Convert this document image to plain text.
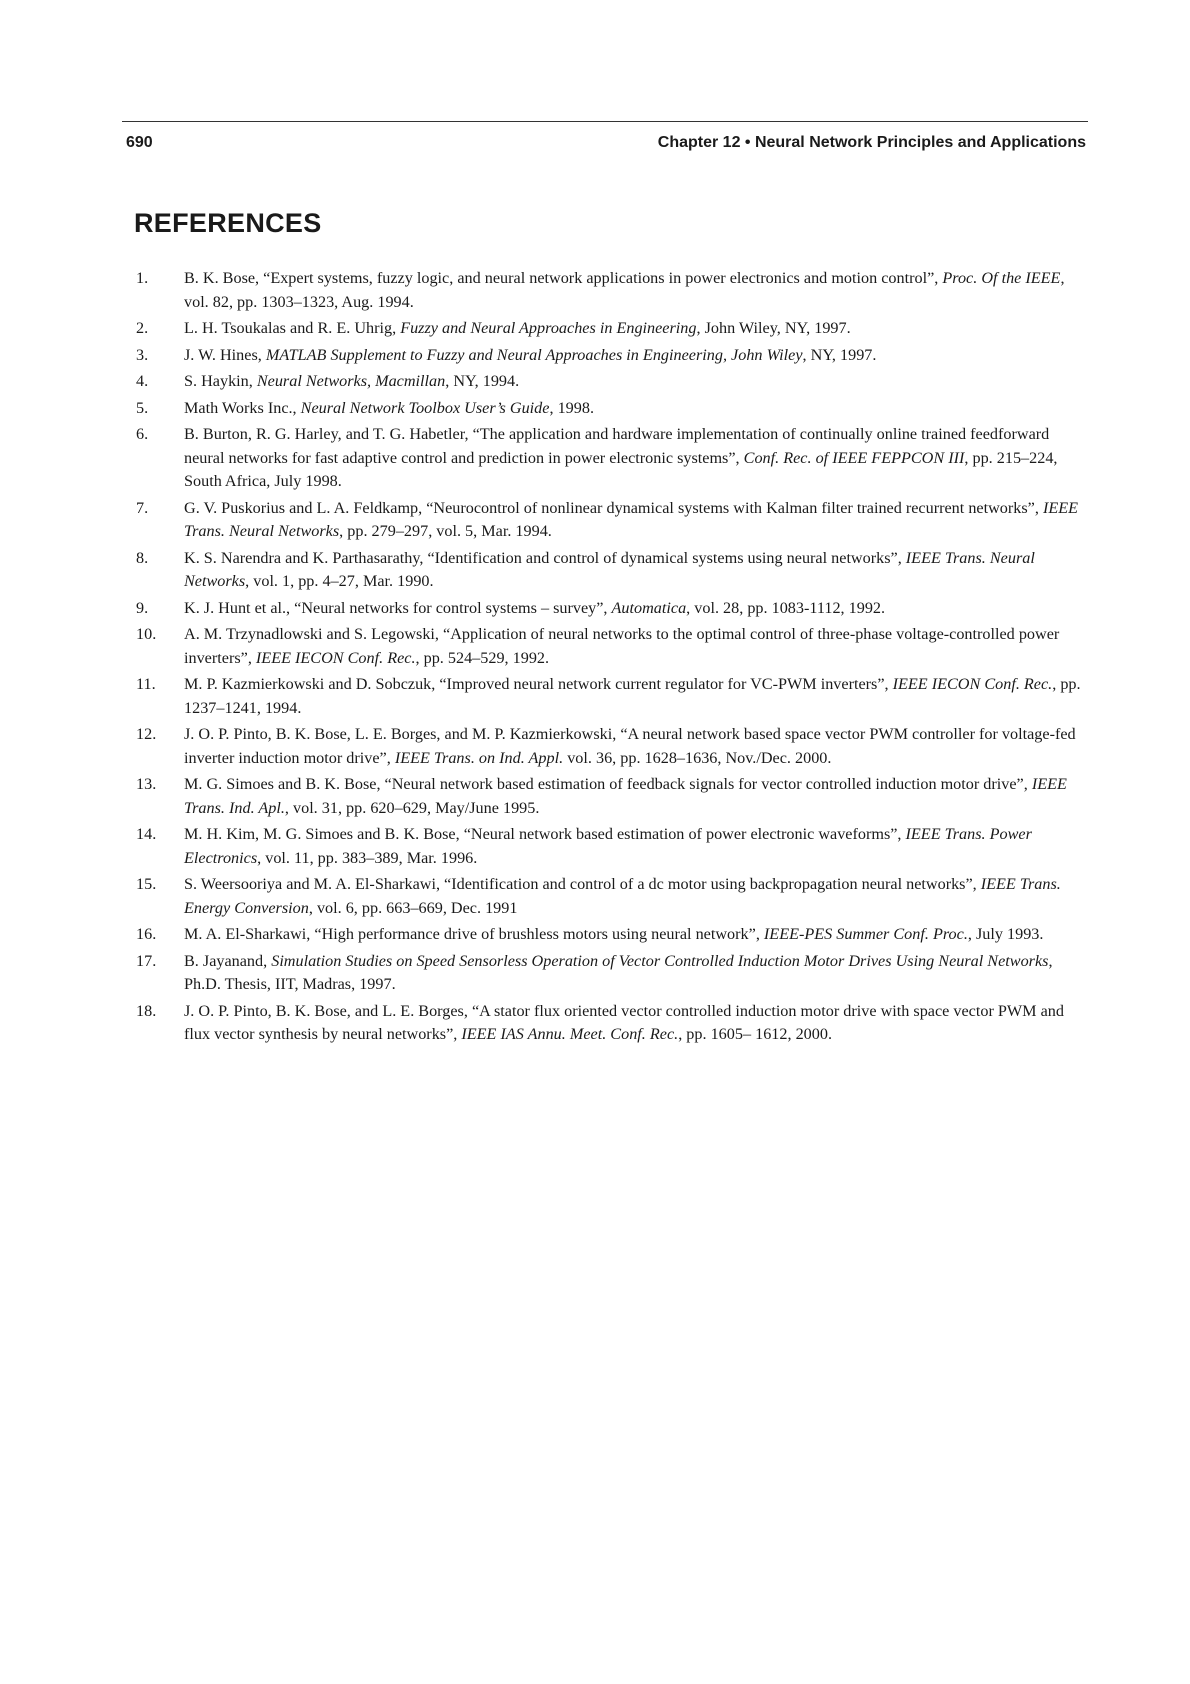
690	Chapter 12 • Neural Network Principles and Applications
REFERENCES
1.	B. K. Bose, “Expert systems, fuzzy logic, and neural network applications in power electronics and motion control”, Proc. Of the IEEE, vol. 82, pp. 1303–1323, Aug. 1994.
2.	L. H. Tsoukalas and R. E. Uhrig, Fuzzy and Neural Approaches in Engineering, John Wiley, NY, 1997.
3.	J. W. Hines, MATLAB Supplement to Fuzzy and Neural Approaches in Engineering, John Wiley, NY, 1997.
4.	S. Haykin, Neural Networks, Macmillan, NY, 1994.
5.	Math Works Inc., Neural Network Toolbox User’s Guide, 1998.
6.	B. Burton, R. G. Harley, and T. G. Habetler, “The application and hardware implementation of continually online trained feedforward neural networks for fast adaptive control and prediction in power electronic systems”, Conf. Rec. of IEEE FEPPCON III, pp. 215–224, South Africa, July 1998.
7.	G. V. Puskorius and L. A. Feldkamp, “Neurocontrol of nonlinear dynamical systems with Kalman filter trained recurrent networks”, IEEE Trans. Neural Networks, pp. 279–297, vol. 5, Mar. 1994.
8.	K. S. Narendra and K. Parthasarathy, “Identification and control of dynamical systems using neural networks”, IEEE Trans. Neural Networks, vol. 1, pp. 4–27, Mar. 1990.
9.	K. J. Hunt et al., “Neural networks for control systems – survey”, Automatica, vol. 28, pp. 1083-1112, 1992.
10.	A. M. Trzynadlowski and S. Legowski, “Application of neural networks to the optimal control of three-phase voltage-controlled power inverters”, IEEE IECON Conf. Rec., pp. 524–529, 1992.
11.	M. P. Kazmierkowski and D. Sobczuk, “Improved neural network current regulator for VC-PWM inverters”, IEEE IECON Conf. Rec., pp. 1237–1241, 1994.
12.	J. O. P. Pinto, B. K. Bose, L. E. Borges, and M. P. Kazmierkowski, “A neural network based space vector PWM controller for voltage-fed inverter induction motor drive”, IEEE Trans. on Ind. Appl. vol. 36, pp. 1628–1636, Nov./Dec. 2000.
13.	M. G. Simoes and B. K. Bose, “Neural network based estimation of feedback signals for vector controlled induction motor drive”, IEEE Trans. Ind. Apl., vol. 31, pp. 620–629, May/June 1995.
14.	M. H. Kim, M. G. Simoes and B. K. Bose, “Neural network based estimation of power electronic waveforms”, IEEE Trans. Power Electronics, vol. 11, pp. 383–389, Mar. 1996.
15.	S. Weersooriya and M. A. El-Sharkawi, “Identification and control of a dc motor using backpropagation neural networks”, IEEE Trans. Energy Conversion, vol. 6, pp. 663–669, Dec. 1991
16.	M. A. El-Sharkawi, “High performance drive of brushless motors using neural network”, IEEE-PES Summer Conf. Proc., July 1993.
17.	B. Jayanand, Simulation Studies on Speed Sensorless Operation of Vector Controlled Induction Motor Drives Using Neural Networks, Ph.D. Thesis, IIT, Madras, 1997.
18.	J. O. P. Pinto, B. K. Bose, and L. E. Borges, “A stator flux oriented vector controlled induction motor drive with space vector PWM and flux vector synthesis by neural networks”, IEEE IAS Annu. Meet. Conf. Rec., pp. 1605– 1612, 2000.
